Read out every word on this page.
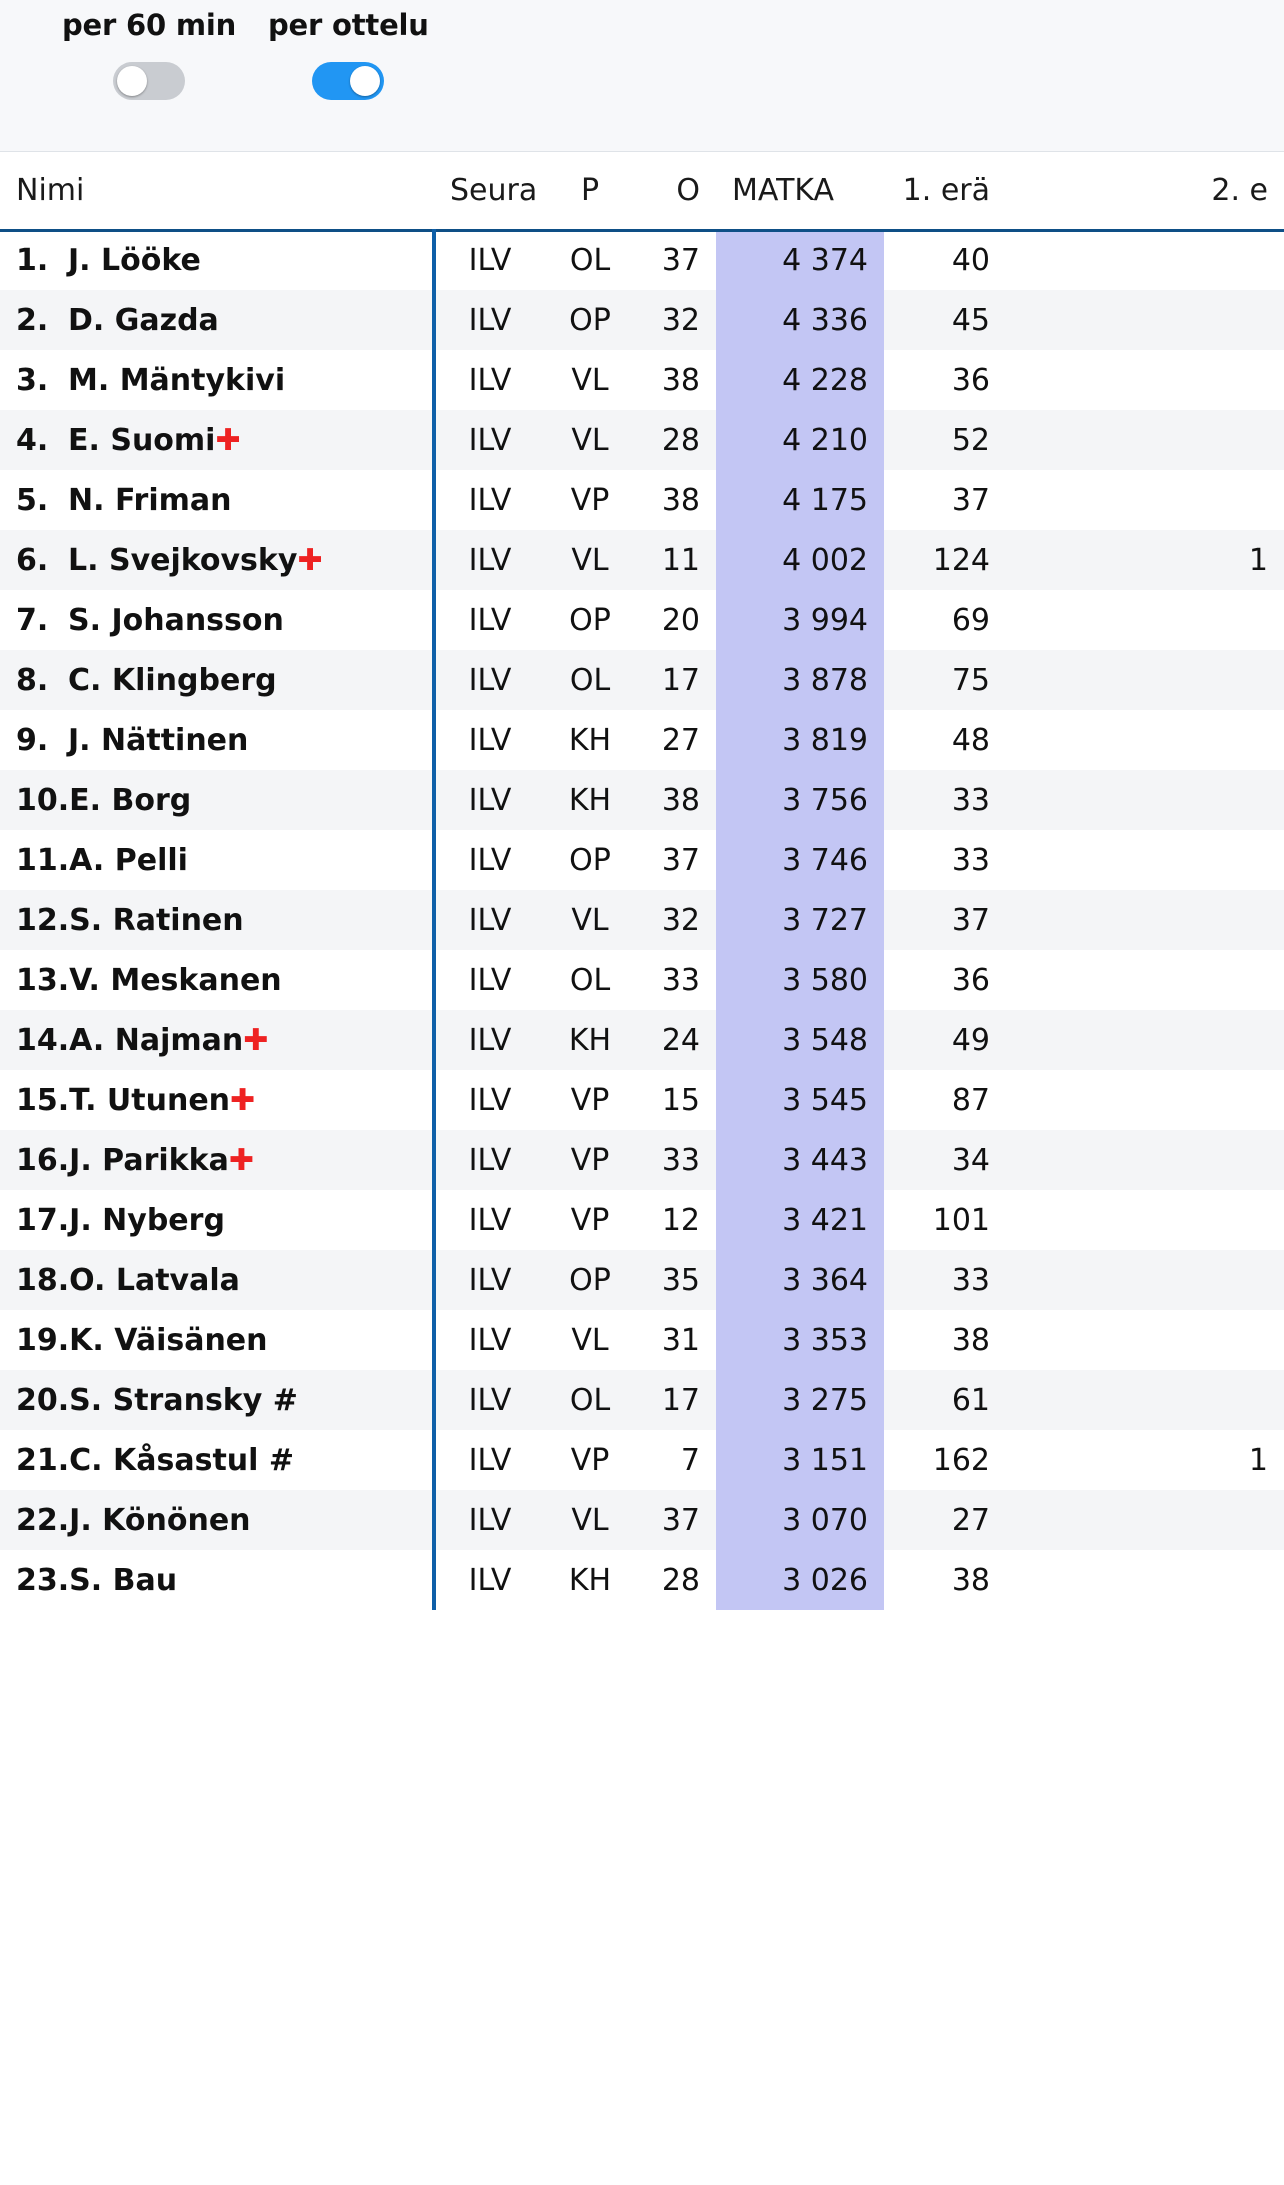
per 60 min per ottelu
Nimi	Seura	P	O	MATKA	1. erä	2. e
1. J. Lööke	ILV	OL	37	4 374	40	
2. D. Gazda	ILV	OP	32	4 336	45	
3. M. Mäntykivi	ILV	VL	38	4 228	36	
4. E. Suomi✚	ILV	VL	28	4 210	52	
5. N. Friman	ILV	VP	38	4 175	37	
6. L. Svejkovsky✚	ILV	VL	11	4 002	124	1
7. S. Johansson	ILV	OP	20	3 994	69	
8. C. Klingberg	ILV	OL	17	3 878	75	
9. J. Nättinen	ILV	KH	27	3 819	48	
10.E. Borg	ILV	KH	38	3 756	33	
11.A. Pelli	ILV	OP	37	3 746	33	
12.S. Ratinen	ILV	VL	32	3 727	37	
13.V. Meskanen	ILV	OL	33	3 580	36	
14.A. Najman✚	ILV	KH	24	3 548	49	
15.T. Utunen✚	ILV	VP	15	3 545	87	
16.J. Parikka✚	ILV	VP	33	3 443	34	
17.J. Nyberg	ILV	VP	12	3 421	101	
18.O. Latvala	ILV	OP	35	3 364	33	
19.K. Väisänen	ILV	VL	31	3 353	38	
20.S. Stransky #	ILV	OL	17	3 275	61	
21.C. Kåsastul #	ILV	VP	7	3 151	162	1
22.J. Könönen	ILV	VL	37	3 070	27	
23.S. Bau	ILV	KH	28	3 026	38	
